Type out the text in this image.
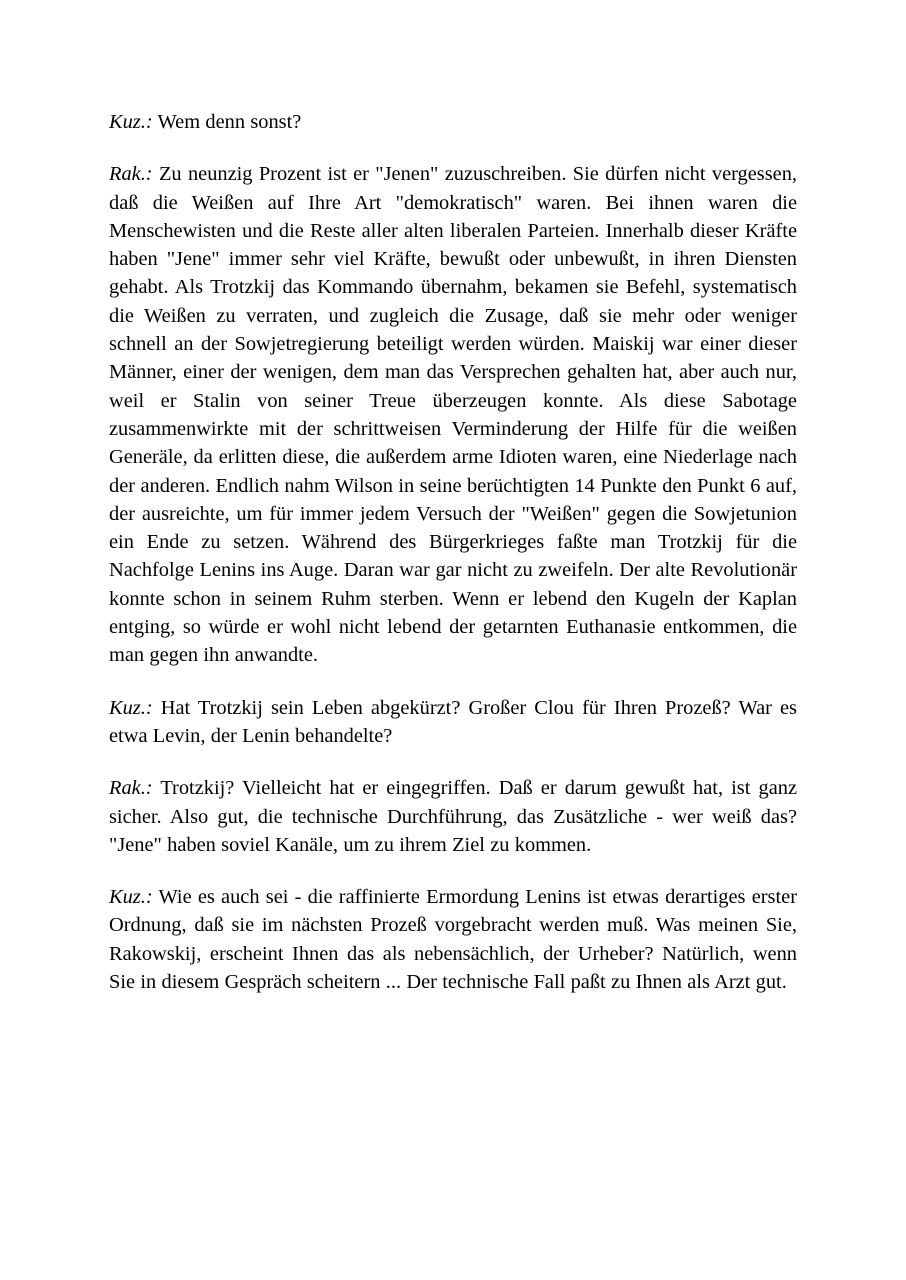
Kuz.: Wem denn sonst?

Rak.: Zu neunzig Prozent ist er "Jenen" zuzuschreiben. Sie dürfen nicht vergessen, daß die Weißen auf Ihre Art "demokratisch" waren. Bei ihnen waren die Menschewisten und die Reste aller alten liberalen Parteien. Innerhalb dieser Kräfte haben "Jene" immer sehr viel Kräfte, bewußt oder unbewußt, in ihren Diensten gehabt. Als Trotzkij das Kommando übernahm, bekamen sie Befehl, systematisch die Weißen zu verraten, und zugleich die Zusage, daß sie mehr oder weniger schnell an der Sowjetregierung beteiligt werden würden. Maiskij war einer dieser Männer, einer der wenigen, dem man das Versprechen gehalten hat, aber auch nur, weil er Stalin von seiner Treue überzeugen konnte. Als diese Sabotage zusammenwirkte mit der schrittweisen Verminderung der Hilfe für die weißen Generäle, da erlitten diese, die außerdem arme Idioten waren, eine Niederlage nach der anderen. Endlich nahm Wilson in seine berüchtigten 14 Punkte den Punkt 6 auf, der ausreichte, um für immer jedem Versuch der "Weißen" gegen die Sowjetunion ein Ende zu setzen. Während des Bürgerkrieges faßte man Trotzkij für die Nachfolge Lenins ins Auge. Daran war gar nicht zu zweifeln. Der alte Revolutionär konnte schon in seinem Ruhm sterben. Wenn er lebend den Kugeln der Kaplan entging, so würde er wohl nicht lebend der getarnten Euthanasie entkommen, die man gegen ihn anwandte.

Kuz.: Hat Trotzkij sein Leben abgekürzt? Großer Clou für Ihren Prozeß? War es etwa Levin, der Lenin behandelte?

Rak.: Trotzkij? Vielleicht hat er eingegriffen. Daß er darum gewußt hat, ist ganz sicher. Also gut, die technische Durchführung, das Zusätzliche - wer weiß das? "Jene" haben soviel Kanäle, um zu ihrem Ziel zu kommen.

Kuz.: Wie es auch sei - die raffinierte Ermordung Lenins ist etwas derartiges erster Ordnung, daß sie im nächsten Prozeß vorgebracht werden muß. Was meinen Sie, Rakowskij, erscheint Ihnen das als nebensächlich, der Urheber? Natürlich, wenn Sie in diesem Gespräch scheitern ... Der technische Fall paßt zu Ihnen als Arzt gut.
